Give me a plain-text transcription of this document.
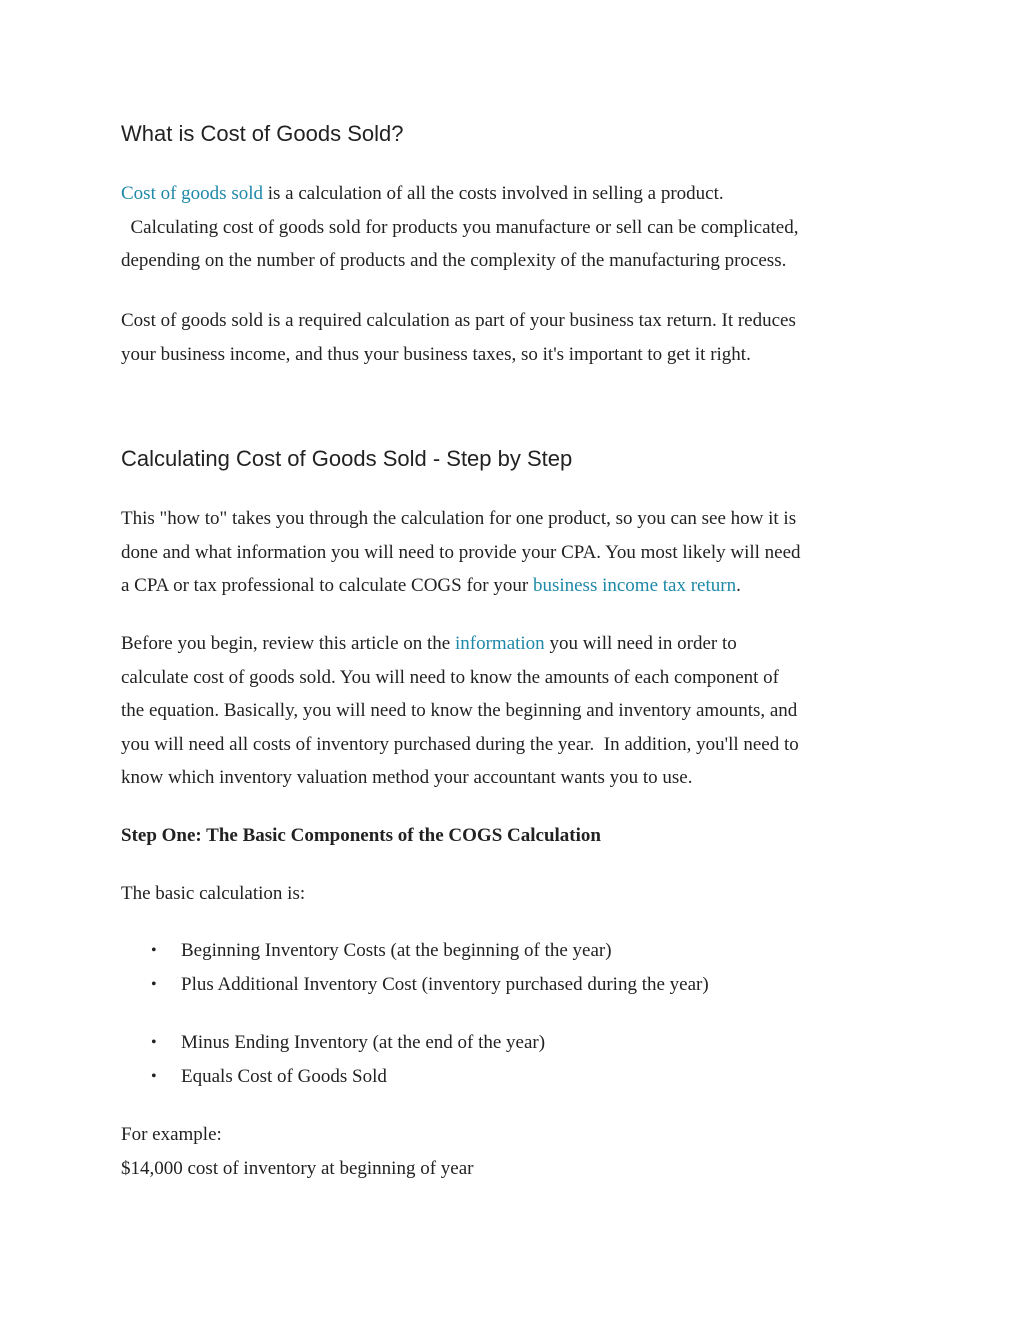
What is Cost of Goods Sold?
Cost of goods sold is a calculation of all the costs involved in selling a product.
Calculating cost of goods sold for products you manufacture or sell can be complicated,
depending on the number of products and the complexity of the manufacturing process.
Cost of goods sold is a required calculation as part of your business tax return. It reduces
your business income, and thus your business taxes, so it's important to get it right.
Calculating Cost of Goods Sold - Step by Step
This "how to" takes you through the calculation for one product, so you can see how it is
done and what information you will need to provide your CPA. You most likely will need
a CPA or tax professional to calculate COGS for your business income tax return.
Before you begin, review this article on the information you will need in order to
calculate cost of goods sold. You will need to know the amounts of each component of
the equation. Basically, you will need to know the beginning and inventory amounts, and
you will need all costs of inventory purchased during the year.  In addition, you'll need to
know which inventory valuation method your accountant wants you to use.
Step One: The Basic Components of the COGS Calculation
The basic calculation is:
• Beginning Inventory Costs (at the beginning of the year)
• Plus Additional Inventory Cost (inventory purchased during the year)
• Minus Ending Inventory (at the end of the year)
• Equals Cost of Goods Sold
For example:
$14,000 cost of inventory at beginning of year
